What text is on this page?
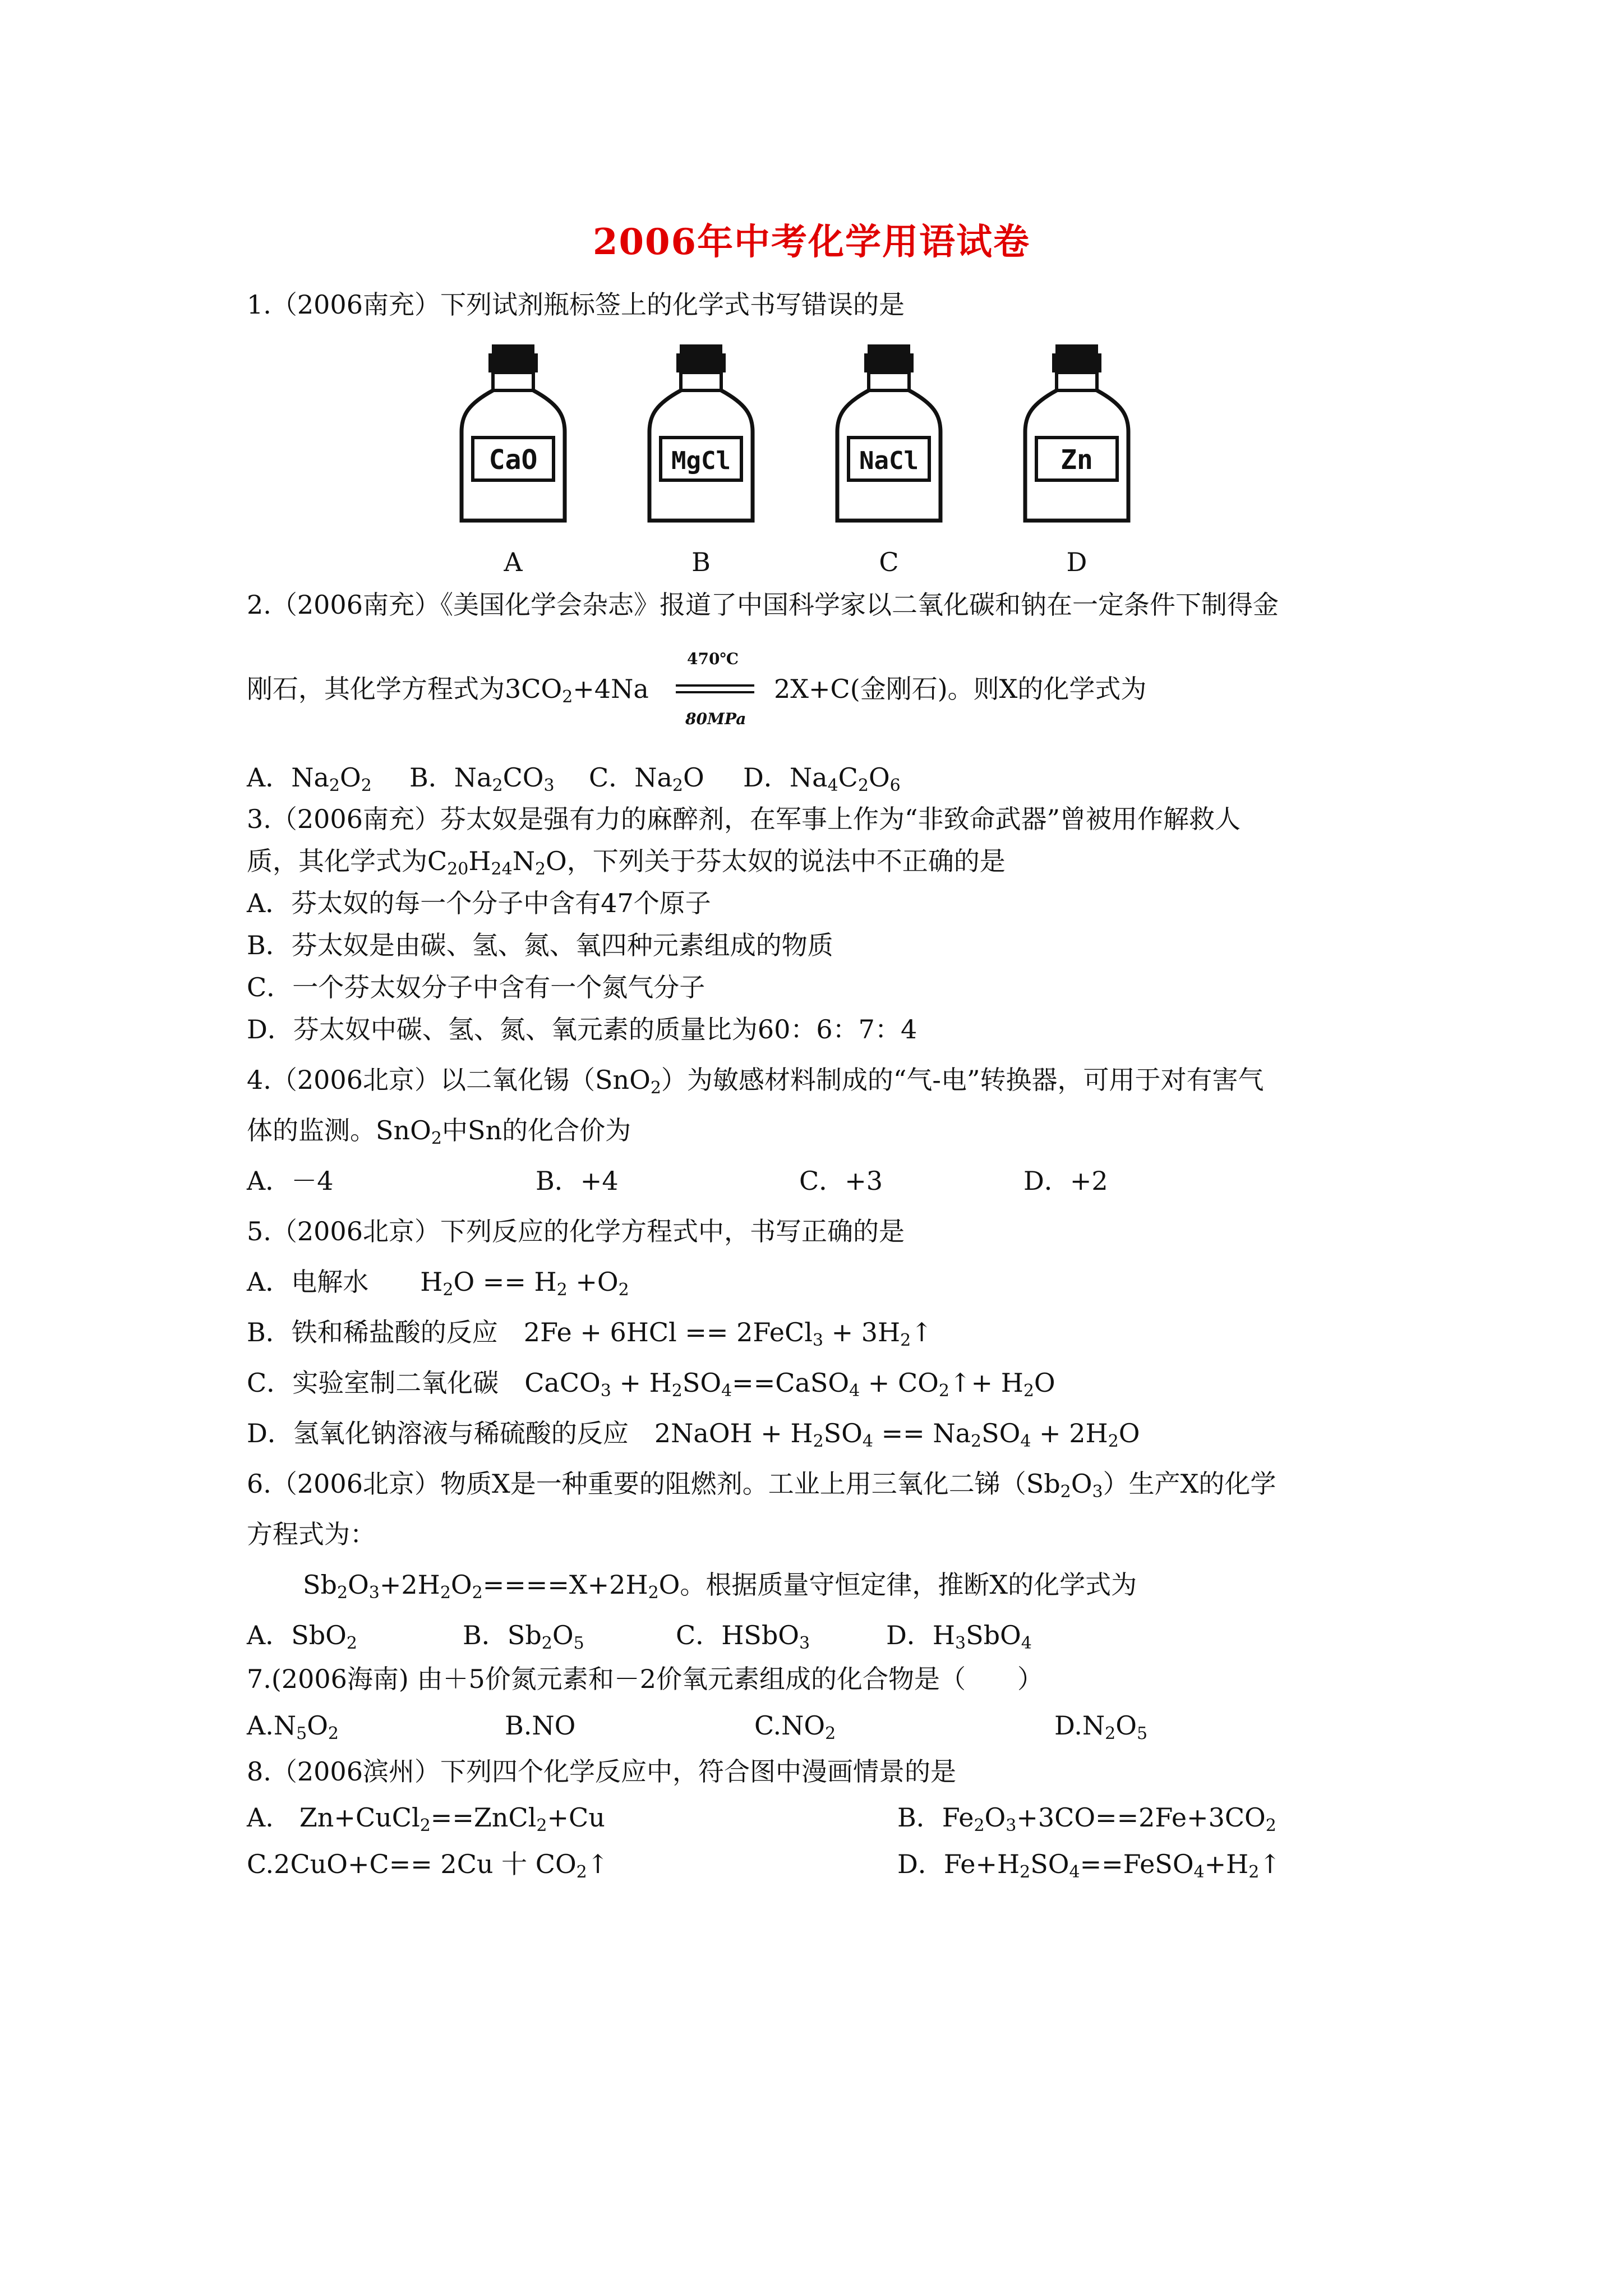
2006年中考化学用语试卷
1.（2006南充）下列试剂瓶标签上的化学式书写错误的是
CaO	MgCl	NaCl	Zn
A	B	C	D
2.（2006南充）《美国化学会杂志》报道了中国科学家以二氧化碳和钠在一定条件下制得金
刚石，其化学方程式为$3CO_2+4Na$
470℃
80MPa
2X+C(金刚石)。则X的化学式为
A．$Na_2O_2$ B．$Na_2CO_3$ C．$Na_2O$ D．$Na_4C_2O_6$
3.（2006南充）芬太奴是强有力的麻醉剂，在军事上作为“非致命武器”曾被用作解救人
质，其化学式为$C_{20}H_{24}N_2O$，下列关于芬太奴的说法中不正确的是
A．芬太奴的每一个分子中含有47个原子
B．芬太奴是由碳、氢、氮、氧四种元素组成的物质
C．一个芬太奴分子中含有一个氮气分子
D．芬太奴中碳、氢、氮、氧元素的质量比为60：6：7：4
4.（2006北京）以二氧化锡（SnO$_2$）为敏感材料制成的“气-电”转换器，可用于对有害气
体的监测。SnO$_2$中Sn的化合价为
A．－4	B．+4	C．+3	D．+2
5.（2006北京）下列反应的化学方程式中，书写正确的是
A．电解水　　$H_2O == H_2 +O_2$
B．铁和稀盐酸的反应　2Fe + 6HCl == 2FeCl$_3$ + $3H_2↑$
C．实验室制二氧化碳　CaCO$_3$ + $H_2SO_4==CaSO_4$ + $CO_2↑+ H_2O$
D．氢氧化钠溶液与稀硫酸的反应　2NaOH + $H_2SO_4 == Na_2SO_4 + 2H_2O$
6.（2006北京）物质X是一种重要的阻燃剂。工业上用三氧化二锑$(Sb_2O_3)$生产X的化学
方程式为：
$Sb_2O_3+2H_2O_2====X+2H_2O$。根据质量守恒定律，推断X的化学式为
A．SbO$_2$	B．$Sb_2O_5$	C．HSbO$_3$	D．$H_3SbO_4$
7.(2006海南) 由＋5价氮元素和－2价氧元素组成的化合物是（　　）
$A.N_5O_2$	B.NO	$C.NO_2$	$D.N_2O_5$
8.（2006滨州）下列四个化学反应中，符合图中漫画情景的是
A.　Zn+CuCl$_2$==ZnCl$_2$+Cu	B．$Fe_2O_3+3CO==2Fe+3CO_2$
C.2CuO+C== 2Cu 十 $CO_2↑$	D．$Fe+H_2SO_4==FeSO_4+H_2↑$
